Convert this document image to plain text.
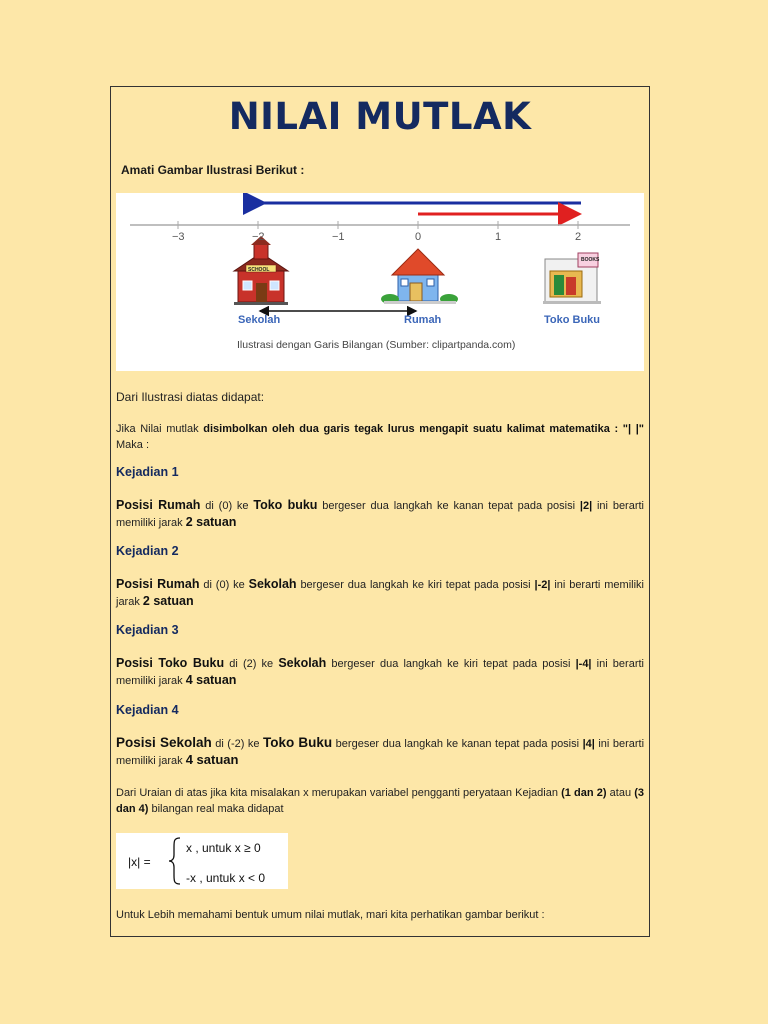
NILAI MUTLAK
Amati Gambar Ilustrasi Berikut :
−3	−2	−1	0	1	2
SCHOOL
BOOKS
Sekolah	Rumah	Toko Buku
Ilustrasi dengan Garis Bilangan (Sumber: clipartpanda.com)
Dari Ilustrasi diatas didapat:
Jika Nilai mutlak disimbolkan oleh dua garis tegak lurus mengapit suatu kalimat matematika : "| |" Maka :
Kejadian 1
Posisi Rumah di (0) ke Toko buku bergeser dua langkah ke kanan tepat pada posisi |2| ini berarti memiliki jarak 2 satuan
Kejadian 2
Posisi Rumah di (0) ke Sekolah bergeser dua langkah ke kiri tepat pada posisi |-2| ini berarti memiliki jarak 2 satuan
Kejadian 3
Posisi Toko Buku di (2) ke Sekolah bergeser dua langkah ke kiri tepat pada posisi |-4| ini berarti memiliki jarak 4 satuan
Kejadian 4
Posisi Sekolah di (-2) ke Toko Buku bergeser dua langkah ke kanan tepat pada posisi |4| ini berarti memiliki jarak 4 satuan
Dari Uraian di atas jika kita misalakan x merupakan variabel pengganti peryataan Kejadian (1 dan 2) atau (3 dan 4) bilangan real maka didapat
|x| =
x , untuk x ≥ 0
-x , untuk x < 0
Untuk Lebih memahami bentuk umum nilai mutlak, mari kita perhatikan gambar berikut :
